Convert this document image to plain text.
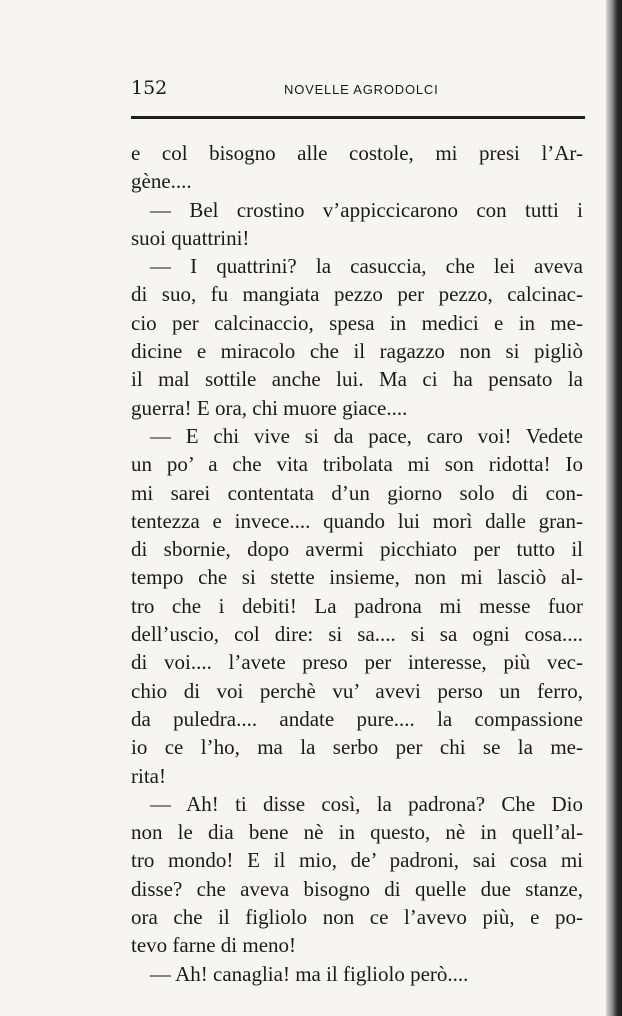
152	NOVELLE AGRODOLCI
e col bisogno alle costole, mi presi l’Ar-
gène....
— Bel crostino v’appiccicarono con tutti i
suoi quattrini!
— I quattrini? la casuccia, che lei aveva
di suo, fu mangiata pezzo per pezzo, calcinac-
cio per calcinaccio, spesa in medici e in me-
dicine e miracolo che il ragazzo non si pigliò
il mal sottile anche lui. Ma ci ha pensato la
guerra! E ora, chi muore giace....
— E chi vive si da pace, caro voi! Vedete
un po’ a che vita tribolata mi son ridotta! Io
mi sarei contentata d’un giorno solo di con-
tentezza e invece.... quando lui morì dalle gran-
di sbornie, dopo avermi picchiato per tutto il
tempo che si stette insieme, non mi lasciò al-
tro che i debiti! La padrona mi messe fuor
dell’uscio, col dire: si sa.... si sa ogni cosa....
di voi.... l’avete preso per interesse, più vec-
chio di voi perchè vu’ avevi perso un ferro,
da puledra.... andate pure.... la compassione
io ce l’ho, ma la serbo per chi se la me-
rita!
— Ah! ti disse così, la padrona? Che Dio
non le dia bene nè in questo, nè in quell’al-
tro mondo! E il mio, de’ padroni, sai cosa mi
disse? che aveva bisogno di quelle due stanze,
ora che il figliolo non ce l’avevo più, e po-
tevo farne di meno!
— Ah! canaglia! ma il figliolo però....
